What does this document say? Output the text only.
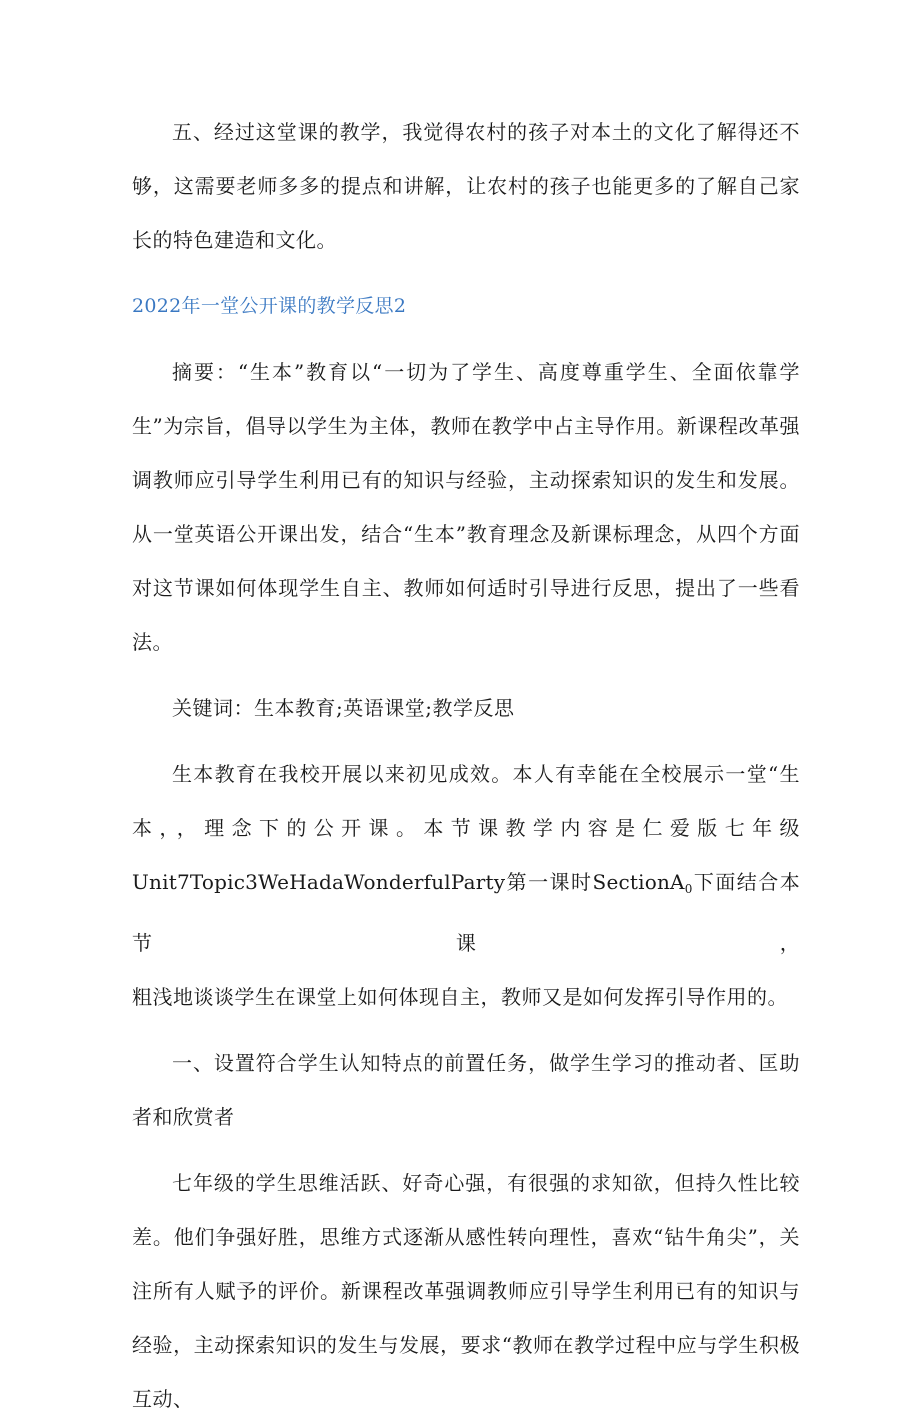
五、经过这堂课的教学，我觉得农村的孩子对本土的文化了解得还不够，这需要老师多多的提点和讲解，让农村的孩子也能更多的了解自己家长的特色建造和文化。

2022年一堂公开课的教学反思2

摘要：“生本”教育以“一切为了学生、高度尊重学生、全面依靠学生”为宗旨，倡导以学生为主体，教师在教学中占主导作用。新课程改革强调教师应引导学生利用已有的知识与经验，主动探索知识的发生和发展。从一堂英语公开课出发，结合“生本”教育理念及新课标理念，从四个方面对这节课如何体现学生自主、教师如何适时引导进行反思，提出了一些看法。

关键词：生本教育;英语课堂;教学反思

生本教育在我校开展以来初见成效。本人有幸能在全校展示一堂“生

本，，理念下的公开课。本节课教学内容是仁爱版七年级

Unit7Topic3WeHadaWonderfulParty第一课时SectionA$_0$下面结合本节课，

粗浅地谈谈学生在课堂上如何体现自主，教师又是如何发挥引导作用的。

一、设置符合学生认知特点的前置任务，做学生学习的推动者、匡助者和欣赏者

七年级的学生思维活跃、好奇心强，有很强的求知欲，但持久性比较差。他们争强好胜，思维方式逐渐从感性转向理性，喜欢“钻牛角尖”，关注所有人赋予的评价。新课程改革强调教师应引导学生利用已有的知识与经验，主动探索知识的发生与发展，要求“教师在教学过程中应与学生积极互动、
